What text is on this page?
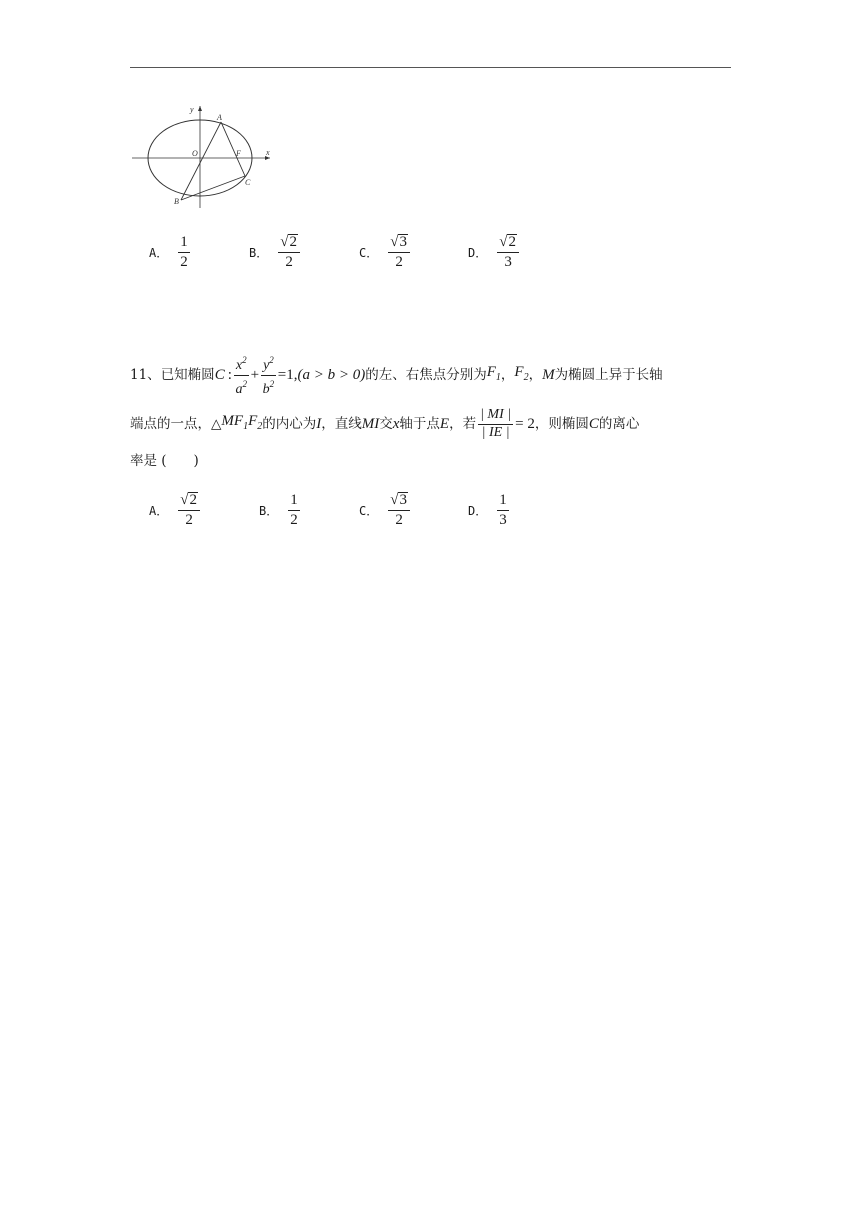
y
x
O
A
F
B
C
A． $\frac{1}{2}$	B． $\frac{√2}{2}$	C． $\frac{√3}{2}$	D． $\frac{√2}{3}$
11、 已知椭圆 C  :
$x^2$
$a^2$
+ $\frac{y^2}{b^2} =1$, (a > b > 0) 的左、右焦点分别为 $F_1$ ， $F_2$ ， M 为椭圆上异于长轴
端点的一点，△ $MF_1F_2$ 的内心为 I ，直线 MI 交 x 轴于点 E ，若 $\frac{| MI |}{| IE |} = 2$ ，则椭圆 C 的离心
率是 (　　)
A． $\frac{√2}{2}$	B． $\frac{1}{2}$	C． $\frac{√3}{2}$	D． $\frac{1}{3}$
